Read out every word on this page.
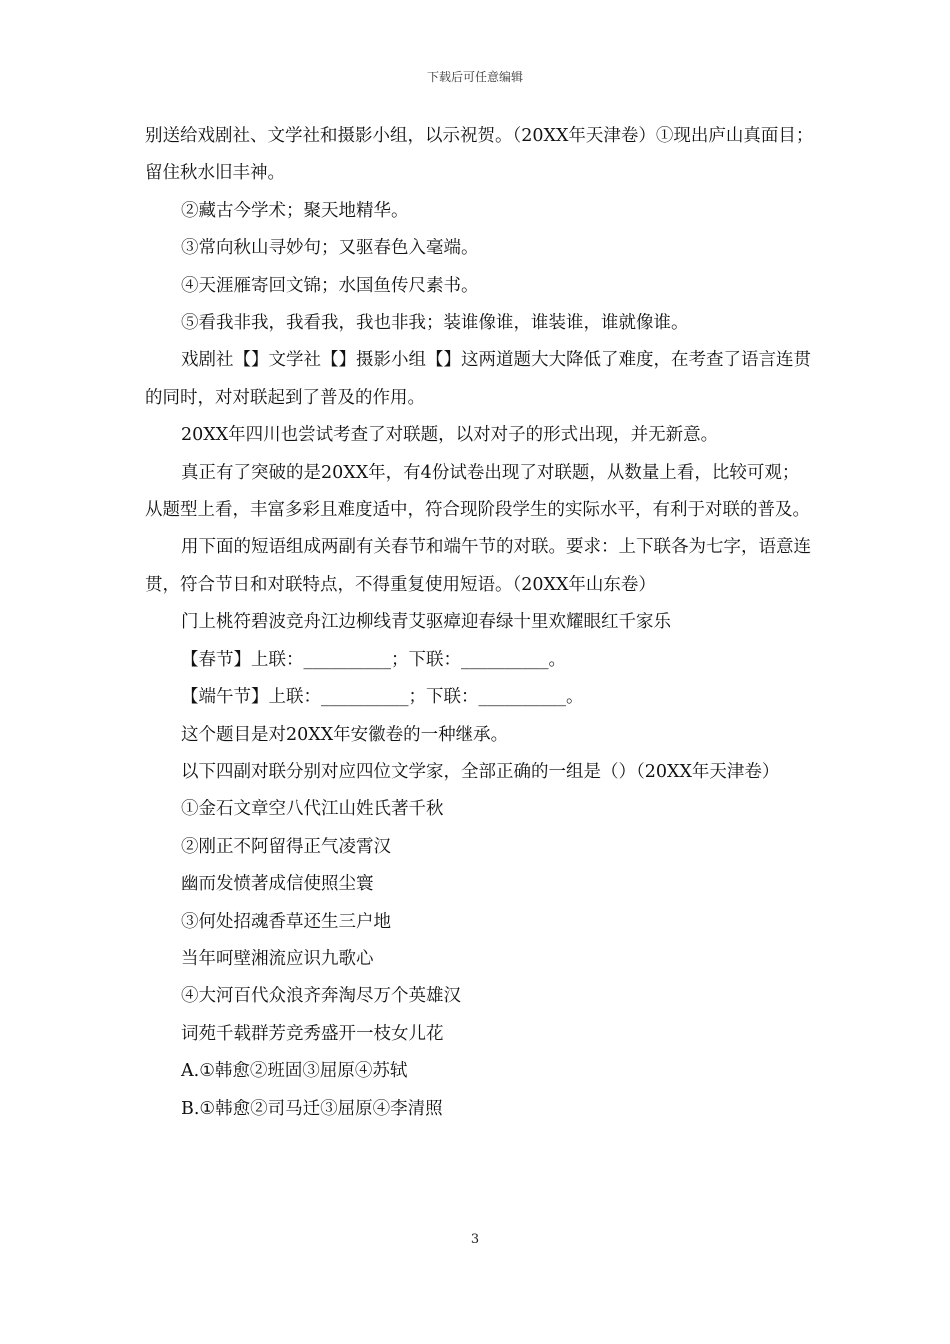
下载后可任意编辑

别送给戏剧社、文学社和摄影小组，以示祝贺。（20XX年天津卷）①现出庐山真面目；留住秋水旧丰神。

②藏古今学术；聚天地精华。

③常向秋山寻妙句；又驱春色入毫端。

④天涯雁寄回文锦；水国鱼传尺素书。

⑤看我非我，我看我，我也非我；装谁像谁，谁装谁，谁就像谁。

戏剧社【】文学社【】摄影小组【】这两道题大大降低了难度，在考查了语言连贯的同时，对对联起到了普及的作用。

20XX年四川也尝试考查了对联题，以对对子的形式出现，并无新意。

真正有了突破的是20XX年，有4份试卷出现了对联题，从数量上看，比较可观；从题型上看，丰富多彩且难度适中，符合现阶段学生的实际水平，有利于对联的普及。

用下面的短语组成两副有关春节和端午节的对联。要求：上下联各为七字，语意连贯，符合节日和对联特点，不得重复使用短语。（20XX年山东卷）

门上桃符碧波竞舟江边柳线青艾驱瘴迎春绿十里欢耀眼红千家乐

【春节】上联：__________；下联：__________。

【端午节】上联：__________；下联：__________。

这个题目是对20XX年安徽卷的一种继承。

以下四副对联分别对应四位文学家，全部正确的一组是（）（20XX年天津卷）

①金石文章空八代江山姓氏著千秋

②刚正不阿留得正气凌霄汉

幽而发愤著成信使照尘寰

③何处招魂香草还生三户地

当年呵壁湘流应识九歌心

④大河百代众浪齐奔淘尽万个英雄汉

词苑千载群芳竞秀盛开一枝女儿花

A.①韩愈②班固③屈原④苏轼

B.①韩愈②司马迁③屈原④李清照

3
